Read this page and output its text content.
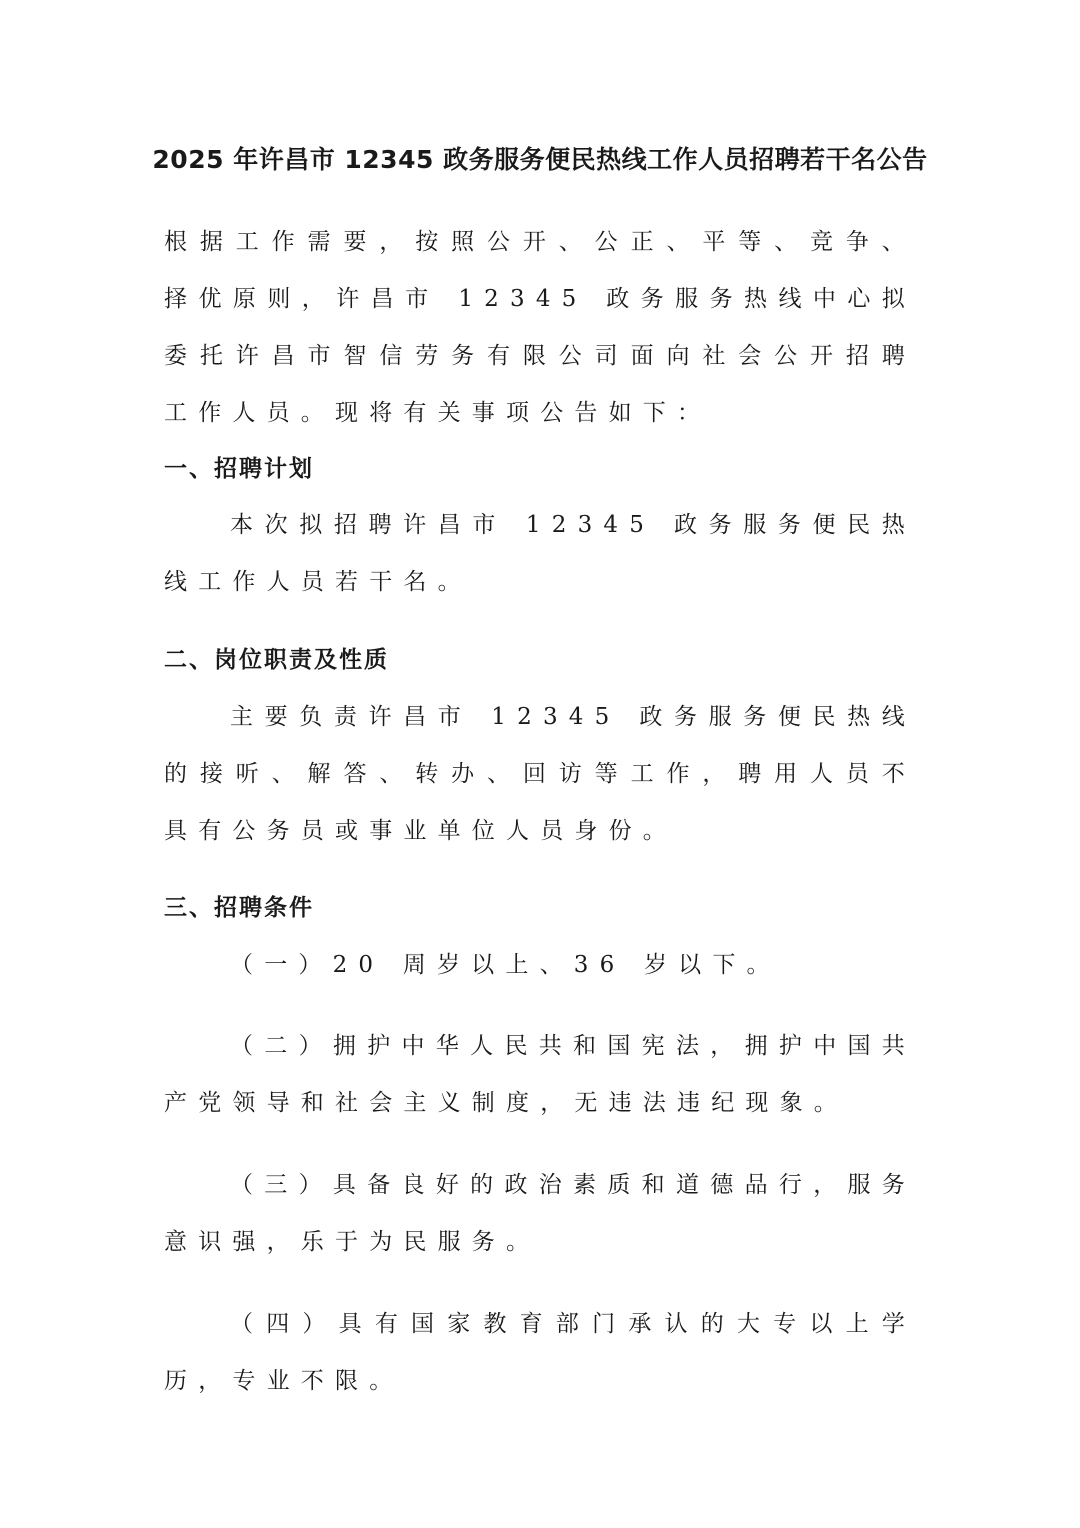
2025 年许昌市 12345 政务服务便民热线工作人员招聘若干名公告

根据工作需要，按照公开、公正、平等、竞争、择优原则，许昌市 12345 政务服务热线中心拟委托许昌市智信劳务有限公司面向社会公开招聘工作人员。现将有关事项公告如下：

一、招聘计划

本次拟招聘许昌市 12345 政务服务便民热线工作人员若干名。

二、岗位职责及性质

主要负责许昌市 12345 政务服务便民热线的接听、解答、转办、回访等工作，聘用人员不具有公务员或事业单位人员身份。

三、招聘条件

（一）20 周岁以上、36 岁以下。

（二）拥护中华人民共和国宪法，拥护中国共产党领导和社会主义制度，无违法违纪现象。

（三）具备良好的政治素质和道德品行，服务意识强，乐于为民服务。

（四）具有国家教育部门承认的大专以上学历，专业不限。
